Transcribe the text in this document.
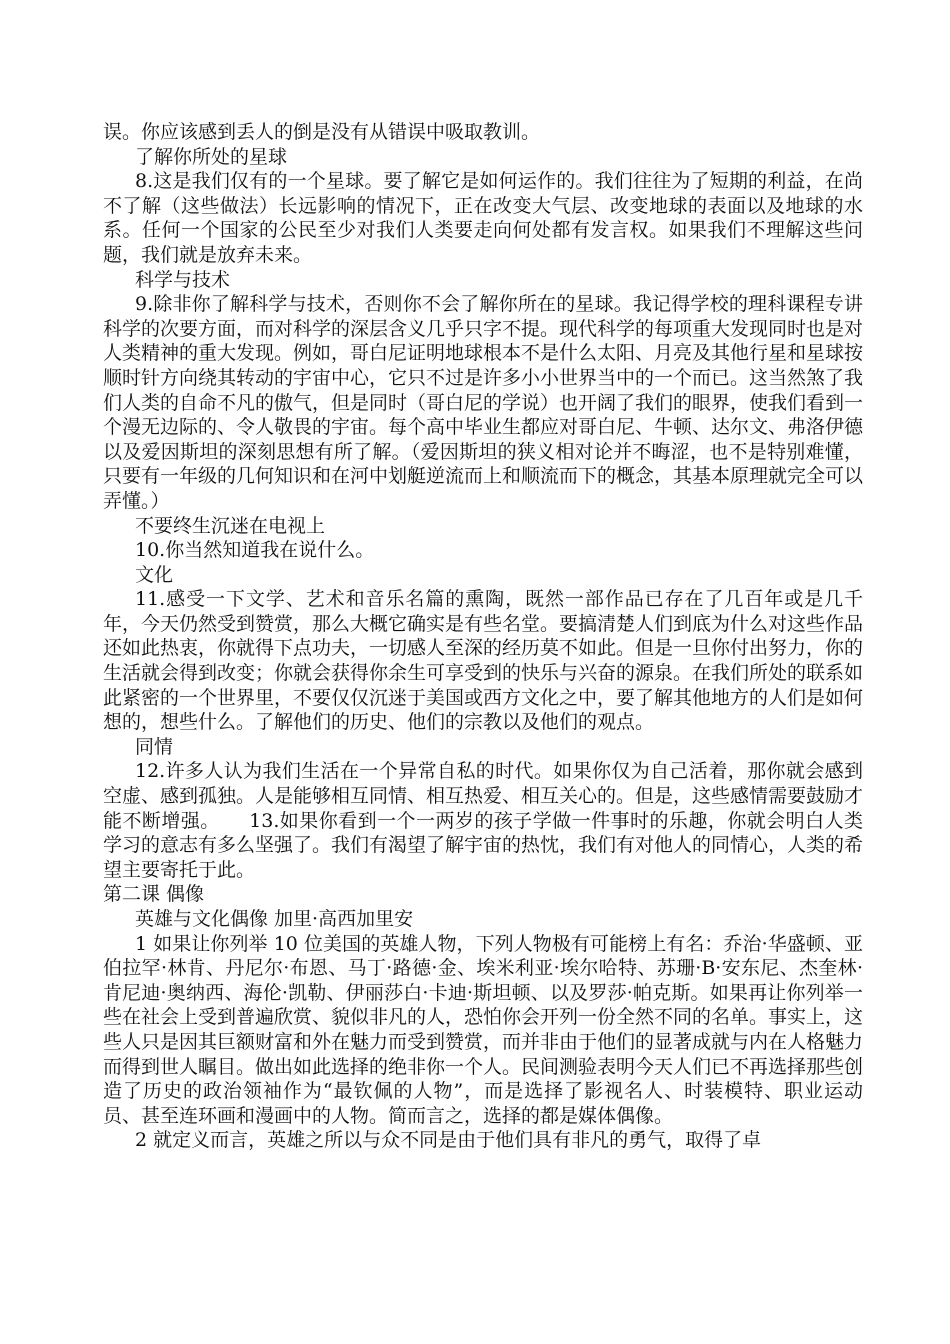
误。你应该感到丢人的倒是没有从错误中吸取教训。

了解你所处的星球

8.这是我们仅有的一个星球。要了解它是如何运作的。我们往往为了短期的利益，在尚不了解（这些做法）长远影响的情况下，正在改变大气层、改变地球的表面以及地球的水系。任何一个国家的公民至少对我们人类要走向何处都有发言权。如果我们不理解这些问题，我们就是放弃未来。

科学与技术

9.除非你了解科学与技术，否则你不会了解你所在的星球。我记得学校的理科课程专讲科学的次要方面，而对科学的深层含义几乎只字不提。现代科学的每项重大发现同时也是对人类精神的重大发现。例如，哥白尼证明地球根本不是什么太阳、月亮及其他行星和星球按顺时针方向绕其转动的宇宙中心，它只不过是许多小小世界当中的一个而已。这当然煞了我们人类的自命不凡的傲气，但是同时（哥白尼的学说）也开阔了我们的眼界，使我们看到一个漫无边际的、令人敬畏的宇宙。每个高中毕业生都应对哥白尼、牛顿、达尔文、弗洛伊德以及爱因斯坦的深刻思想有所了解。（爱因斯坦的狭义相对论并不晦涩，也不是特别难懂，只要有一年级的几何知识和在河中划艇逆流而上和顺流而下的概念，其基本原理就完全可以弄懂。）

不要终生沉迷在电视上

10.你当然知道我在说什么。

文化

11.感受一下文学、艺术和音乐名篇的熏陶，既然一部作品已存在了几百年或是几千年，今天仍然受到赞赏，那么大概它确实是有些名堂。要搞清楚人们到底为什么对这些作品还如此热衷，你就得下点功夫，一切感人至深的经历莫不如此。但是一旦你付出努力，你的生活就会得到改变；你就会获得你余生可享受到的快乐与兴奋的源泉。在我们所处的联系如此紧密的一个世界里，不要仅仅沉迷于美国或西方文化之中，要了解其他地方的人们是如何想的，想些什么。了解他们的历史、他们的宗教以及他们的观点。

同情

12.许多人认为我们生活在一个异常自私的时代。如果你仅为自己活着，那你就会感到空虚、感到孤独。人是能够相互同情、相互热爱、相互关心的。但是，这些感情需要鼓励才能不断增强。　　13.如果你看到一个一两岁的孩子学做一件事时的乐趣，你就会明白人类学习的意志有多么坚强了。我们有渴望了解宇宙的热忱，我们有对他人的同情心，人类的希望主要寄托于此。

第二课 偶像

英雄与文化偶像 加里·高西加里安

1 如果让你列举 10 位美国的英雄人物，下列人物极有可能榜上有名：乔治·华盛顿、亚伯拉罕·林肯、丹尼尔·布恩、马丁·路德·金、埃米利亚·埃尔哈特、苏珊·B·安东尼、杰奎林·肯尼迪·奥纳西、海伦·凯勒、伊丽莎白·卡迪·斯坦顿、以及罗莎·帕克斯。如果再让你列举一些在社会上受到普遍欣赏、貌似非凡的人，恐怕你会开列一份全然不同的名单。事实上，这些人只是因其巨额财富和外在魅力而受到赞赏，而并非由于他们的显著成就与内在人格魅力而得到世人瞩目。做出如此选择的绝非你一个人。民间测验表明今天人们已不再选择那些创造了历史的政治领袖作为“最钦佩的人物”，而是选择了影视名人、时装模特、职业运动员、甚至连环画和漫画中的人物。简而言之，选择的都是媒体偶像。

2 就定义而言，英雄之所以与众不同是由于他们具有非凡的勇气，取得了卓
